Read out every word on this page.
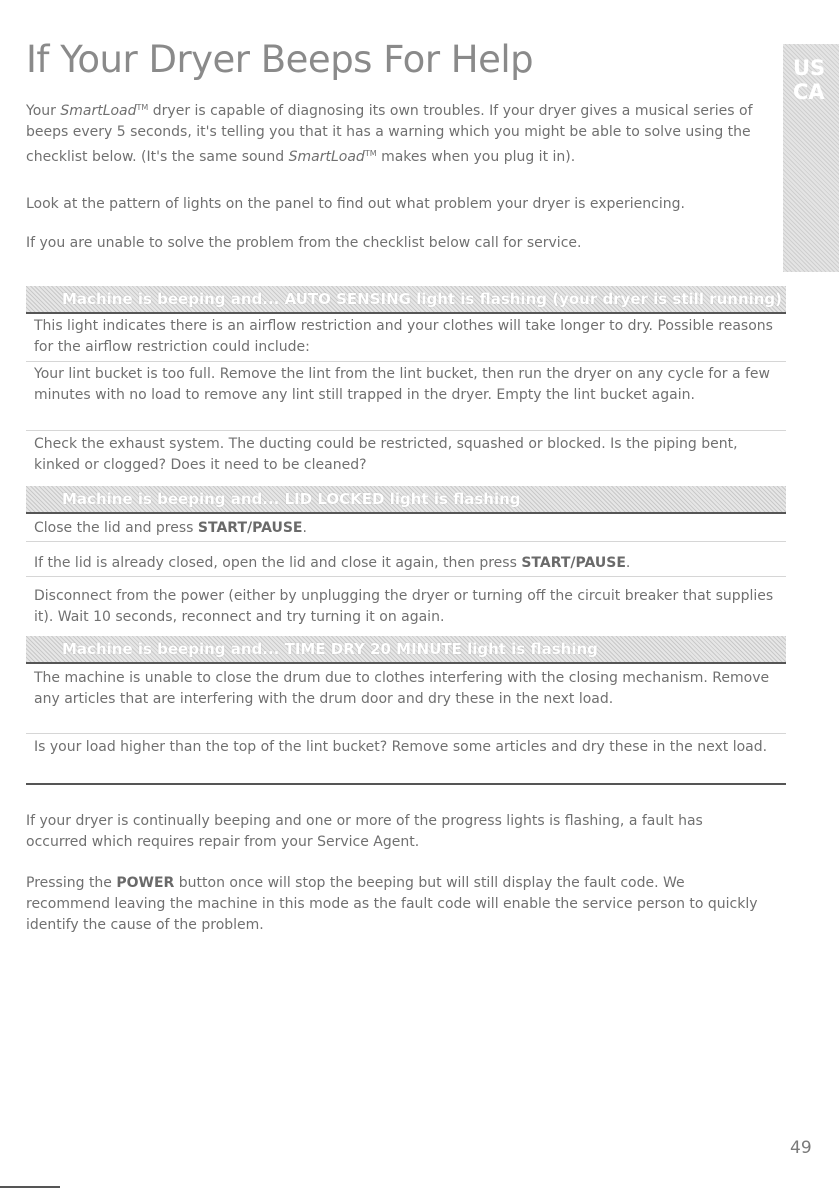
If Your Dryer Beeps For Help	US
CA

Your SmartLoad™ dryer is capable of diagnosing its own troubles. If your dryer gives a musical series of beeps every 5 seconds, it's telling you that it has a warning which you might be able to solve using the checklist below. (It's the same sound SmartLoad™ makes when you plug it in).

Look at the pattern of lights on the panel to find out what problem your dryer is experiencing.

If you are unable to solve the problem from the checklist below call for service.

Machine is beeping and... AUTO SENSING light is flashing (your dryer is still running)

This light indicates there is an airflow restriction and your clothes will take longer to dry. Possible reasons for the airflow restriction could include:

Your lint bucket is too full. Remove the lint from the lint bucket, then run the dryer on any cycle for a few minutes with no load to remove any lint still trapped in the dryer. Empty the lint bucket again.

Check the exhaust system. The ducting could be restricted, squashed or blocked. Is the piping bent, kinked or clogged? Does it need to be cleaned?

Machine is beeping and... LID LOCKED light is flashing

Close the lid and press START/PAUSE.

If the lid is already closed, open the lid and close it again, then press START/PAUSE.

Disconnect from the power (either by unplugging the dryer or turning off the circuit breaker that supplies it). Wait 10 seconds, reconnect and try turning it on again.

Machine is beeping and... TIME DRY 20 MINUTE light is flashing

The machine is unable to close the drum due to clothes interfering with the closing mechanism. Remove any articles that are interfering with the drum door and dry these in the next load.

Is your load higher than the top of the lint bucket? Remove some articles and dry these in the next load.

If your dryer is continually beeping and one or more of the progress lights is flashing, a fault has occurred which requires repair from your Service Agent.

Pressing the POWER button once will stop the beeping but will still display the fault code. We recommend leaving the machine in this mode as the fault code will enable the service person to quickly identify the cause of the problem.

49
